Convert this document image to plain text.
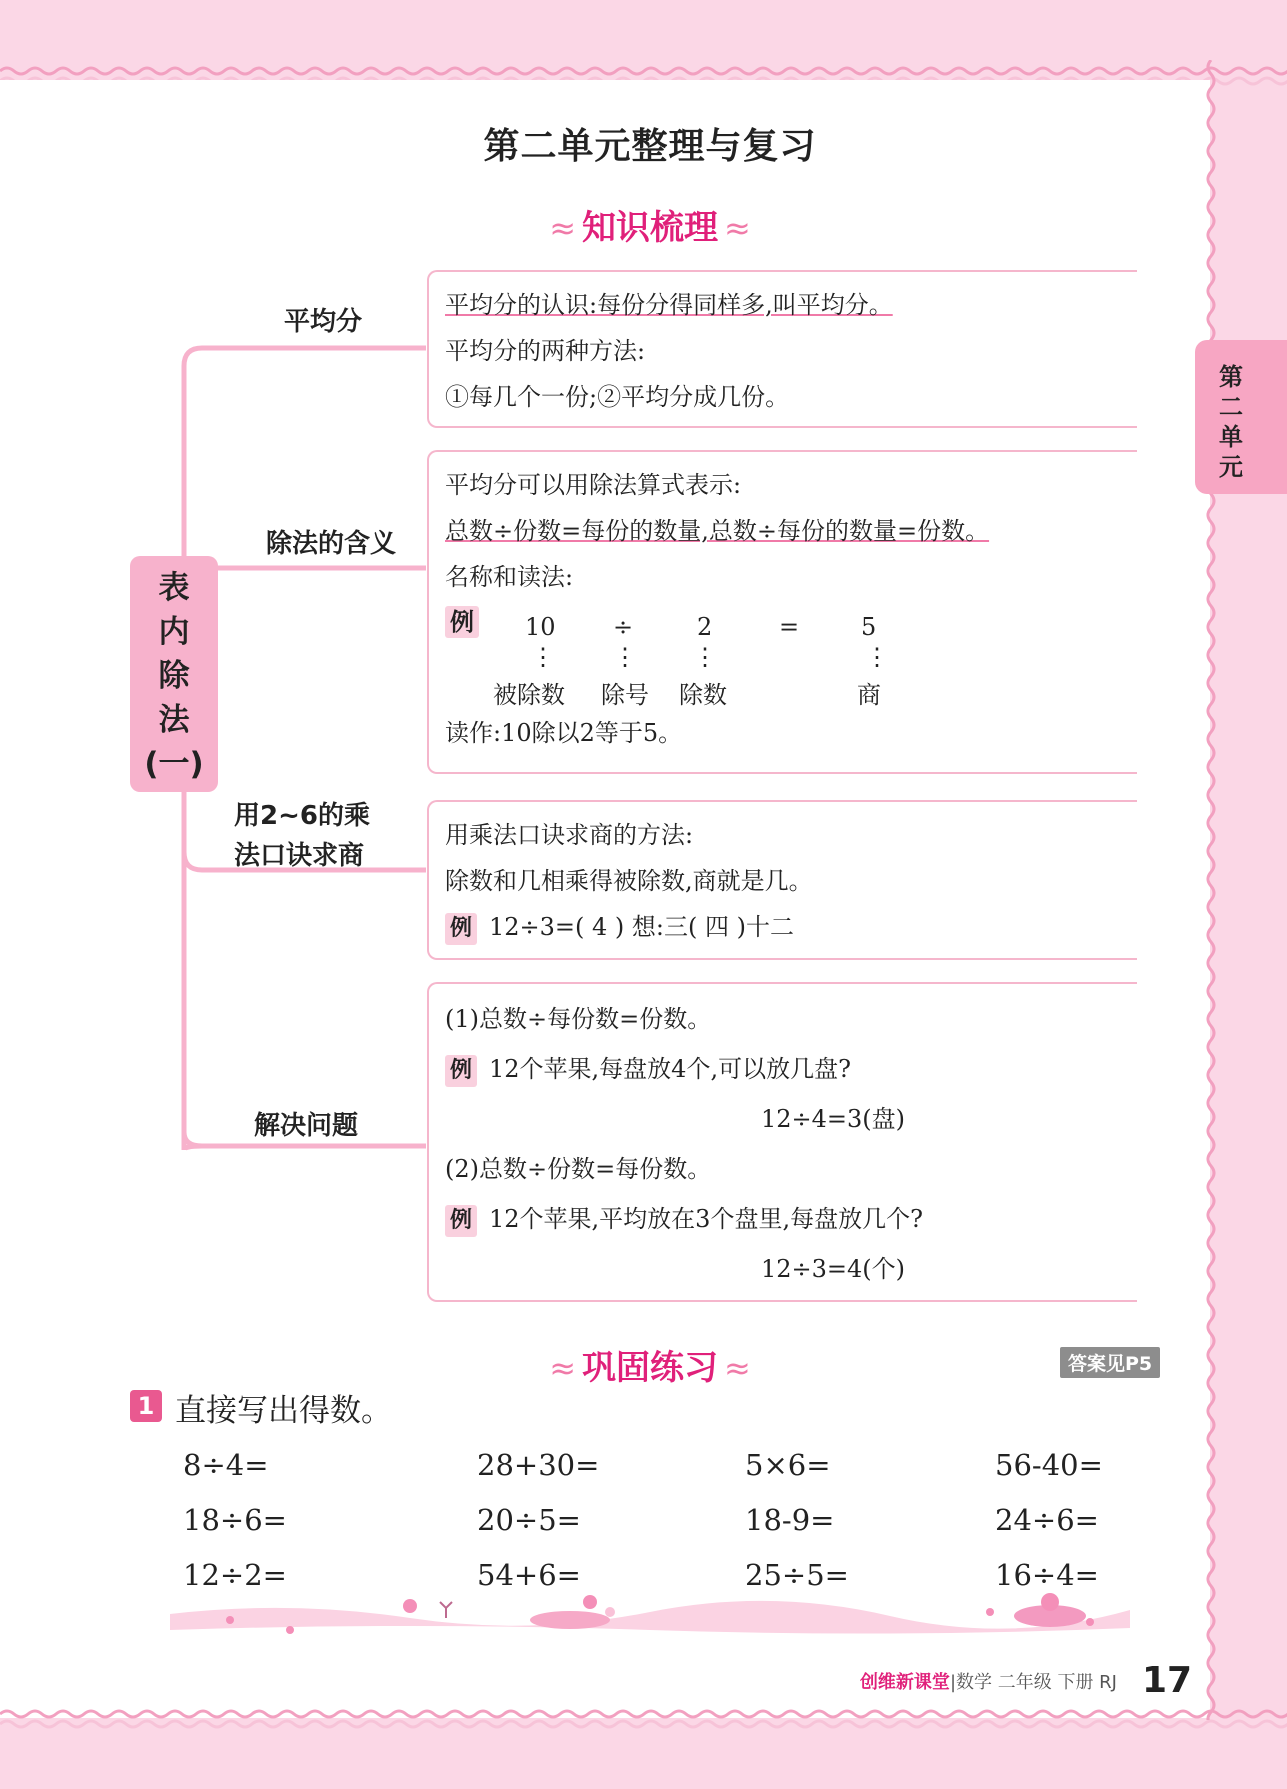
第二单元整理与复习
≈ 知识梳理 ≈
第二单元
表
内
除
法
(一)
平均分
除法的含义
用2~6的乘
法口诀求商
解决问题

平均分的认识:每份分得同样多,叫平均分。

平均分的两种方法:

①每几个一份;②平均分成几份。

平均分可以用除法算式表示:

总数÷份数=每份的数量,总数÷每份的数量=份数。

名称和读法:

例 10 ÷	2	=	5
⋮ ⋮ ⋮	⋮
被除数 除号 除数	商

读作:10除以2等于5。

用乘法口诀求商的方法:

除数和几相乘得被除数,商就是几。

例 12÷3=( 4 ) 想:三( 四 )十二

(1)总数÷每份数=份数。

例 12个苹果,每盘放4个,可以放几盘?

12÷4=3(盘)

(2)总数÷份数=每份数。

例 12个苹果,平均放在3个盘里,每盘放几个?

12÷3=4(个)

≈ 巩固练习 ≈	答案见P5
1 直接写出得数。
8÷4=	28+30=	5×6=	56-40=
18÷6=	20÷5=	18-9=	24÷6=
12÷2=	54+6=	25÷5=	16÷4=
创维新课堂|数学 二年级 下册 RJ 17
